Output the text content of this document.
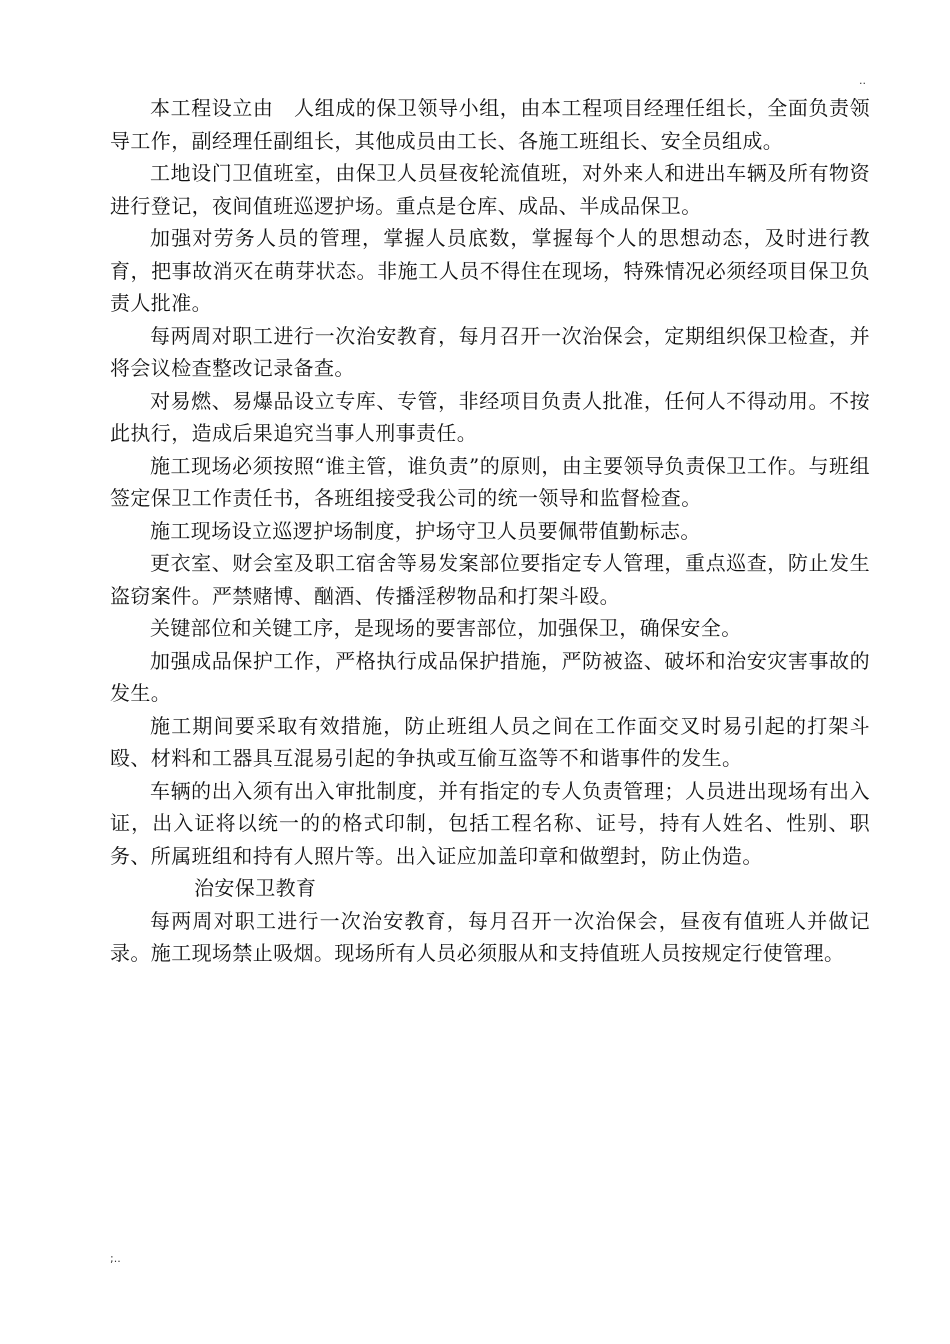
..

本工程设立由　人组成的保卫领导小组，由本工程项目经理任组长，全面负责领导工作，副经理任副组长，其他成员由工长、各施工班组长、安全员组成。

工地设门卫值班室，由保卫人员昼夜轮流值班，对外来人和进出车辆及所有物资进行登记，夜间值班巡逻护场。重点是仓库、成品、半成品保卫。

加强对劳务人员的管理，掌握人员底数，掌握每个人的思想动态，及时进行教育，把事故消灭在萌芽状态。非施工人员不得住在现场，特殊情况必须经项目保卫负责人批准。

每两周对职工进行一次治安教育，每月召开一次治保会，定期组织保卫检查，并将会议检查整改记录备查。

对易燃、易爆品设立专库、专管，非经项目负责人批准，任何人不得动用。不按此执行，造成后果追究当事人刑事责任。

施工现场必须按照“谁主管，谁负责”的原则，由主要领导负责保卫工作。与班组签定保卫工作责任书，各班组接受我公司的统一领导和监督检查。

施工现场设立巡逻护场制度，护场守卫人员要佩带值勤标志。

更衣室、财会室及职工宿舍等易发案部位要指定专人管理，重点巡查，防止发生盗窃案件。严禁赌博、酗酒、传播淫秽物品和打架斗殴。

关键部位和关键工序，是现场的要害部位，加强保卫，确保安全。

加强成品保护工作，严格执行成品保护措施，严防被盗、破坏和治安灾害事故的发生。

施工期间要采取有效措施，防止班组人员之间在工作面交叉时易引起的打架斗殴、材料和工器具互混易引起的争执或互偷互盗等不和谐事件的发生。

车辆的出入须有出入审批制度，并有指定的专人负责管理；人员进出现场有出入证，出入证将以统一的的格式印制，包括工程名称、证号，持有人姓名、性别、职务、所属班组和持有人照片等。出入证应加盖印章和做塑封，防止伪造。

治安保卫教育

每两周对职工进行一次治安教育，每月召开一次治保会，昼夜有值班人并做记录。施工现场禁止吸烟。现场所有人员必须服从和支持值班人员按规定行使管理。

;..
